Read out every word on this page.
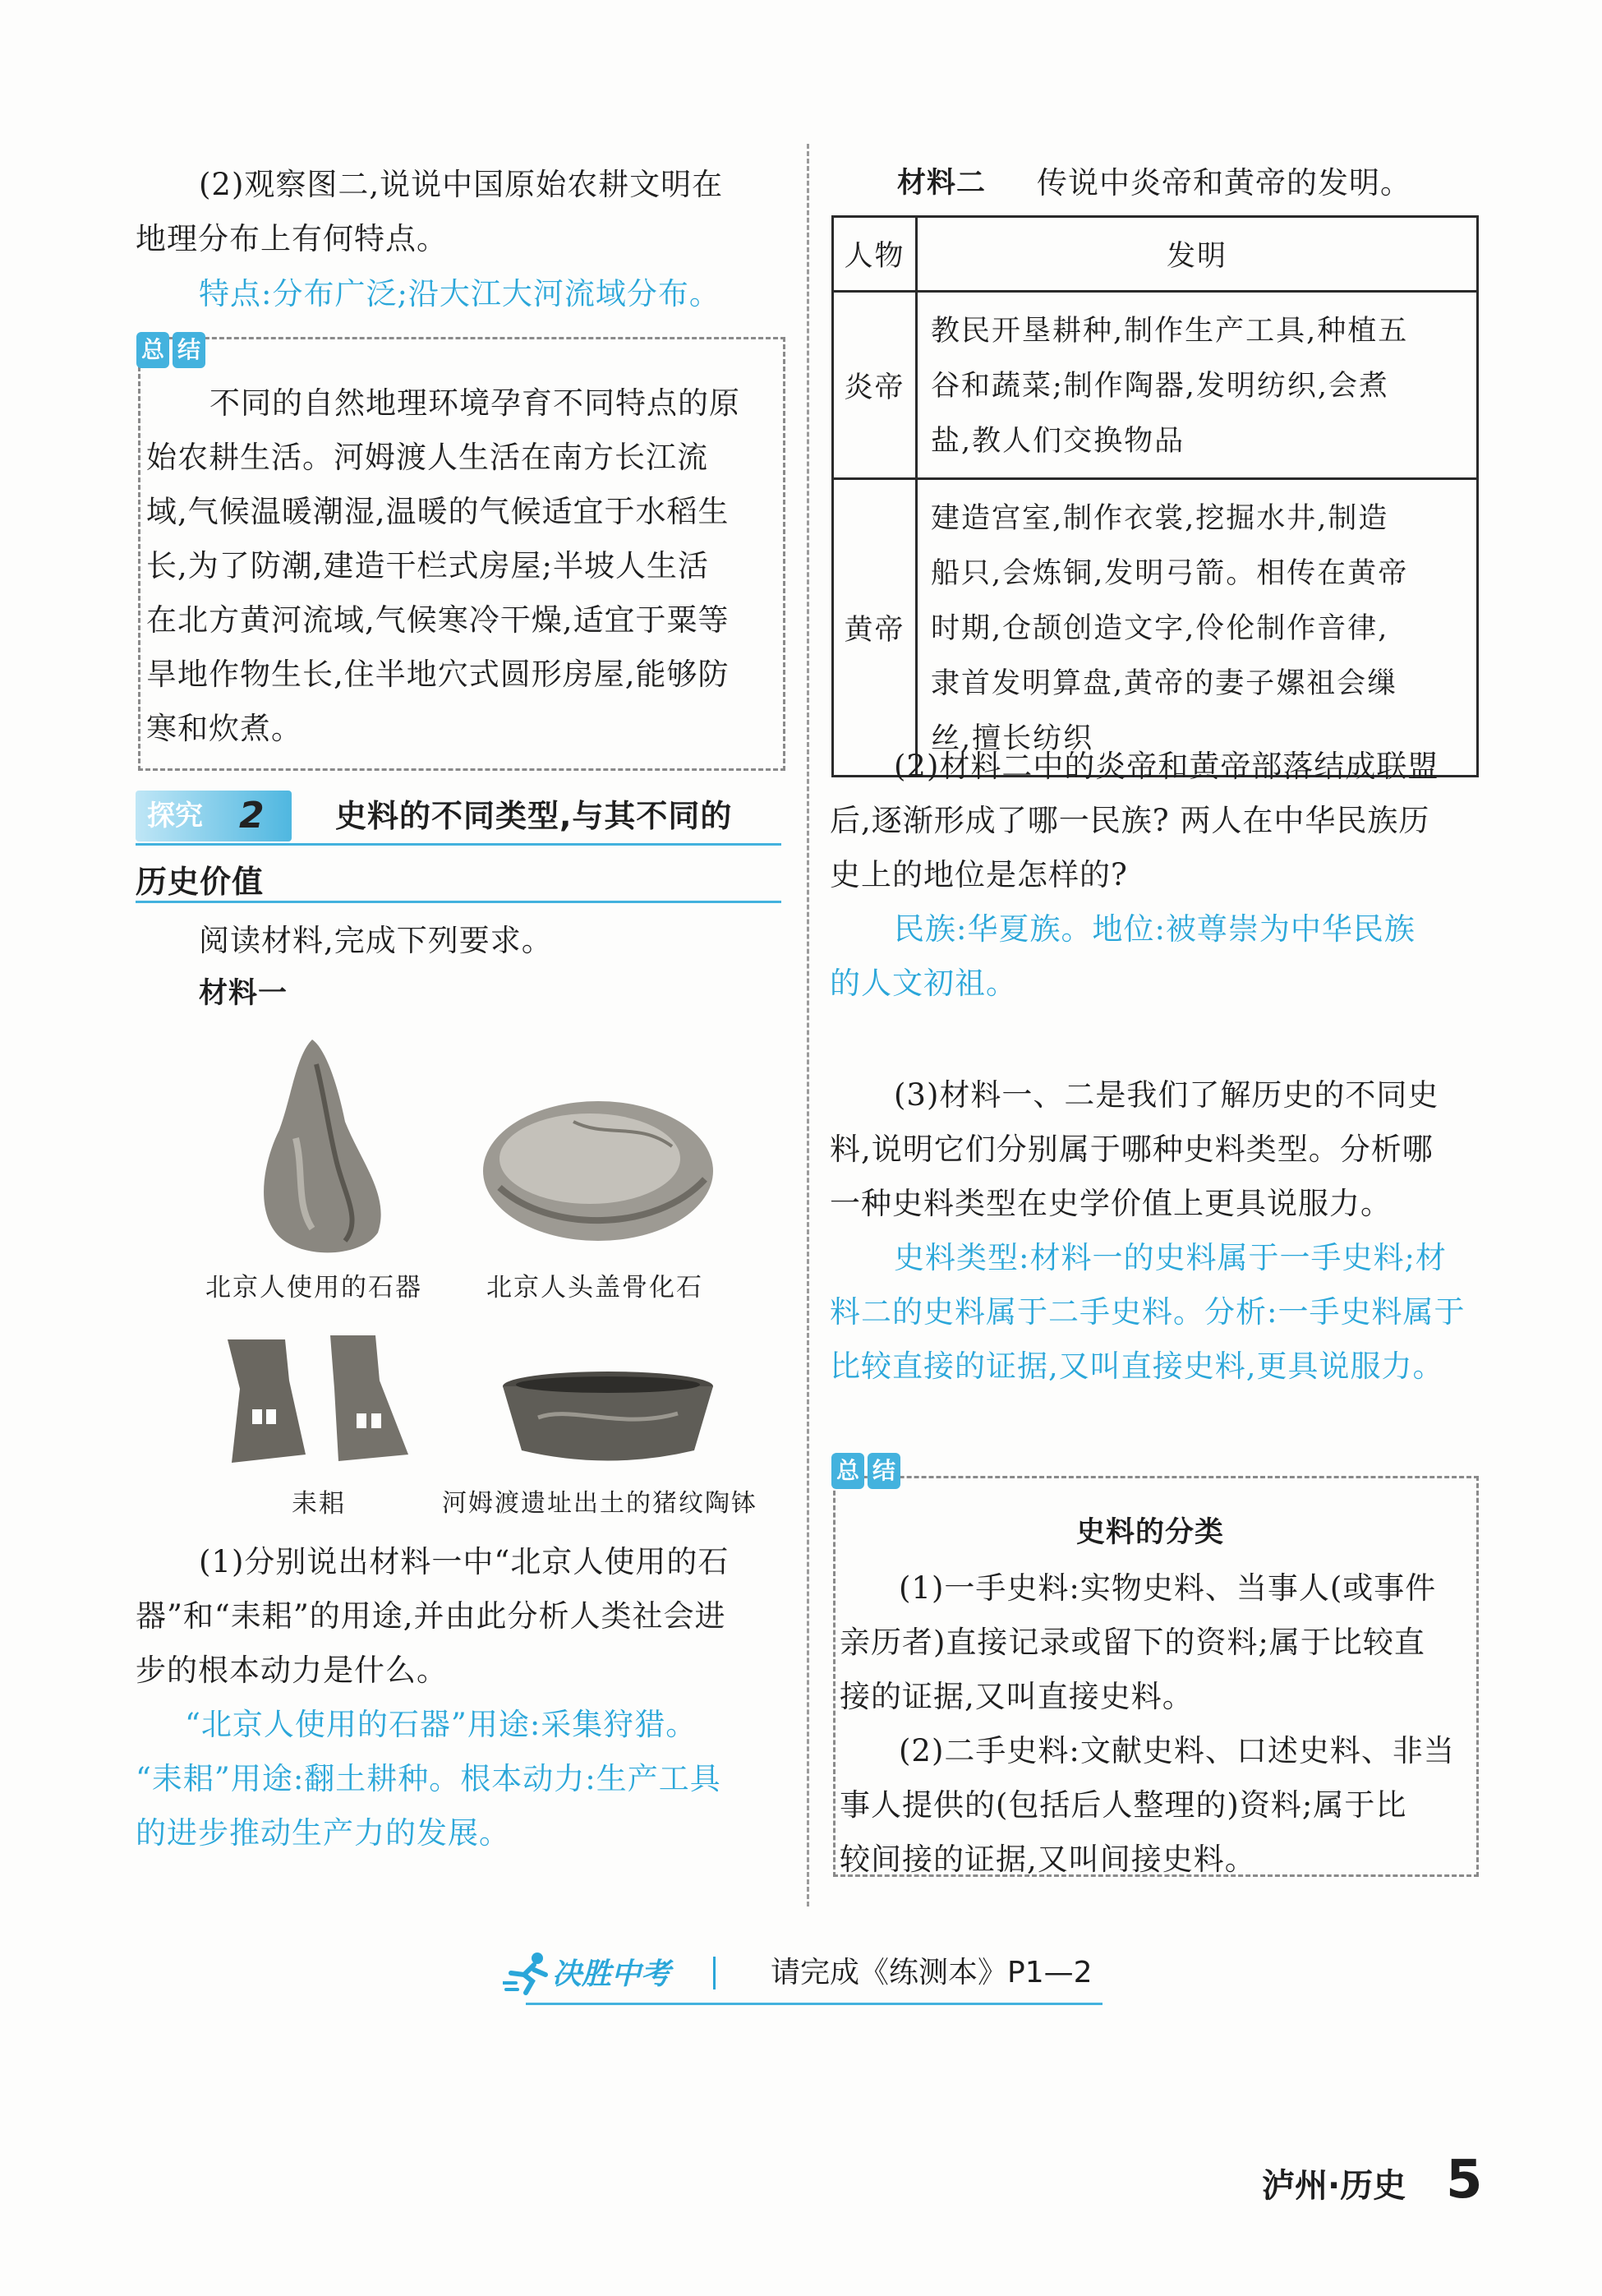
(2)观察图二,说说中国原始农耕文明在
地理分布上有何特点。
特点:分布广泛;沿大江大河流域分布。
总 结
不同的自然地理环境孕育不同特点的原
始农耕生活。河姆渡人生活在南方长江流
域,气候温暖潮湿,温暖的气候适宜于水稻生
长,为了防潮,建造干栏式房屋;半坡人生活
在北方黄河流域,气候寒冷干燥,适宜于粟等
旱地作物生长,住半地穴式圆形房屋,能够防
寒和炊煮。
探究 2 史料的不同类型,与其不同的
历史价值
阅读材料,完成下列要求。
材料一
北京人使用的石器	北京人头盖骨化石
耒耜	河姆渡遗址出土的猪纹陶钵
(1)分别说出材料一中“北京人使用的石
器”和“耒耜”的用途,并由此分析人类社会进
步的根本动力是什么。
“北京人使用的石器”用途:采集狩猎。
“耒耜”用途:翻土耕种。根本动力:生产工具
的进步推动生产力的发展。
材料二 传说中炎帝和黄帝的发明。
人物	发明
炎帝	教民开垦耕种,制作生产工具,种植五
谷和蔬菜;制作陶器,发明纺织,会煮
盐,教人们交换物品

黄帝	建造宫室,制作衣裳,挖掘水井,制造
船只,会炼铜,发明弓箭。相传在黄帝
时期,仓颉创造文字,伶伦制作音律,
隶首发明算盘,黄帝的妻子嫘祖会缫
丝,擅长纺织
(2)材料二中的炎帝和黄帝部落结成联盟
后,逐渐形成了哪一民族? 两人在中华民族历
史上的地位是怎样的?
民族:华夏族。地位:被尊崇为中华民族
的人文初祖。
(3)材料一、二是我们了解历史的不同史
料,说明它们分别属于哪种史料类型。分析哪
一种史料类型在史学价值上更具说服力。
史料类型:材料一的史料属于一手史料;材
料二的史料属于二手史料。分析:一手史料属于
比较直接的证据,又叫直接史料,更具说服力。
总 结
史料的分类
(1)一手史料:实物史料、当事人(或事件
亲历者)直接记录或留下的资料;属于比较直
接的证据,又叫直接史料。
(2)二手史料:文献史料、口述史料、非当
事人提供的(包括后人整理的)资料;属于比
较间接的证据,又叫间接史料。
决胜中考	请完成《练测本》P1—2
泸州·历史 5
